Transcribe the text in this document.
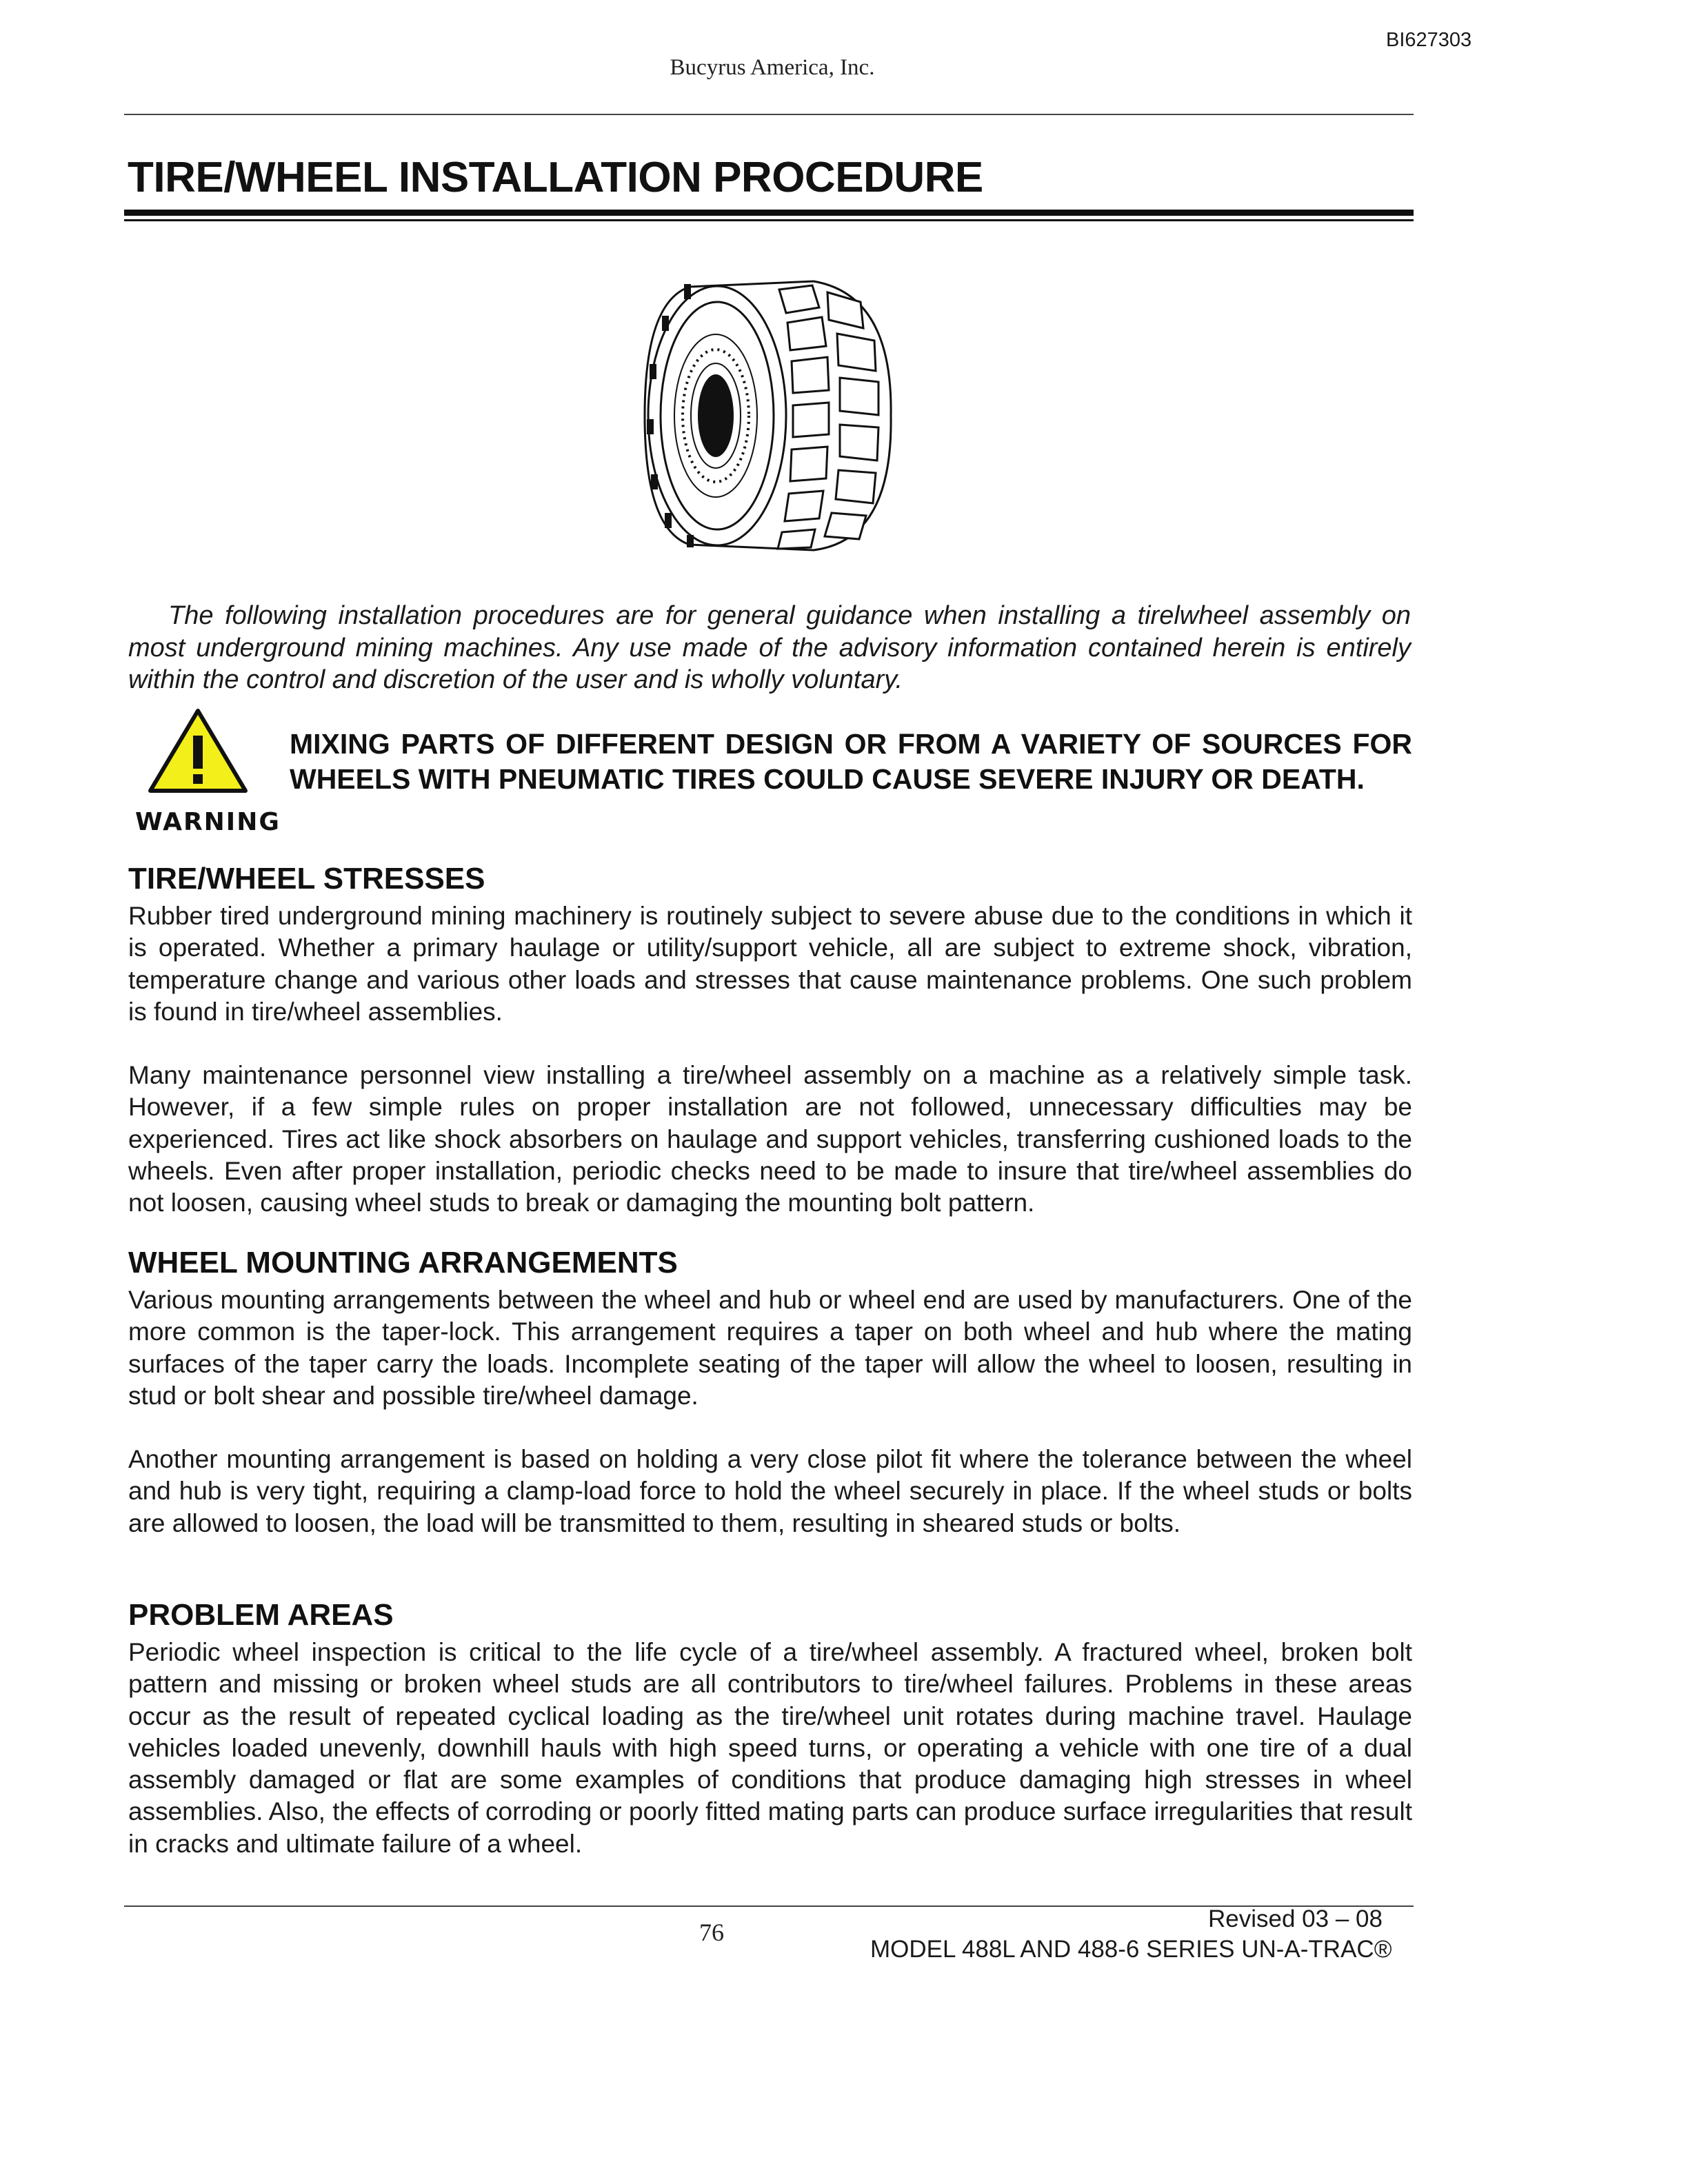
BI627303
Bucyrus America, Inc.
TIRE/WHEEL INSTALLATION PROCEDURE

The following installation procedures are for general guidance when installing a tirelwheel assembly on most underground mining machines. Any use made of the advisory information contained herein is entirely within the control and discretion of the user and is wholly voluntary.

WARNING
MIXING PARTS OF DIFFERENT DESIGN OR FROM A VARIETY OF SOURCES FOR WHEELS WITH PNEUMATIC TIRES COULD CAUSE SEVERE INJURY OR DEATH.
TIRE/WHEEL STRESSES

Rubber tired underground mining machinery is routinely subject to severe abuse due to the conditions in which it is operated. Whether a primary haulage or utility/support vehicle, all are subject to extreme shock, vibration, temperature change and various other loads and stresses that cause maintenance problems. One such problem is found in tire/wheel assemblies.

Many maintenance personnel view installing a tire/wheel assembly on a machine as a relatively simple task. However, if a few simple rules on proper installation are not followed, unnecessary difficulties may be experienced. Tires act like shock absorbers on haulage and support vehicles, transferring cushioned loads to the wheels. Even after proper installation, periodic checks need to be made to insure that tire/wheel assemblies do not loosen, causing wheel studs to break or damaging the mounting bolt pattern.

WHEEL MOUNTING ARRANGEMENTS

Various mounting arrangements between the wheel and hub or wheel end are used by manufacturers. One of the more common is the taper-lock. This arrangement requires a taper on both wheel and hub where the mating surfaces of the taper carry the loads. Incomplete seating of the taper will allow the wheel to loosen, resulting in stud or bolt shear and possible tire/wheel damage.

Another mounting arrangement is based on holding a very close pilot fit where the tolerance between the wheel and hub is very tight, requiring a clamp-load force to hold the wheel securely in place. If the wheel studs or bolts are allowed to loosen, the load will be transmitted to them, resulting in sheared studs or bolts.

PROBLEM AREAS

Periodic wheel inspection is critical to the life cycle of a tire/wheel assembly. A fractured wheel, broken bolt pattern and missing or broken wheel studs are all contributors to tire/wheel failures. Problems in these areas occur as the result of repeated cyclical loading as the tire/wheel unit rotates during machine travel. Haulage vehicles loaded unevenly, downhill hauls with high speed turns, or operating a vehicle with one tire of a dual assembly damaged or flat are some examples of conditions that produce damaging high stresses in wheel assemblies. Also, the effects of corroding or poorly fitted mating parts can produce surface irregularities that result in cracks and ultimate failure of a wheel.

76	Revised 03 – 08
MODEL 488L AND 488-6 SERIES UN-A-TRAC®
